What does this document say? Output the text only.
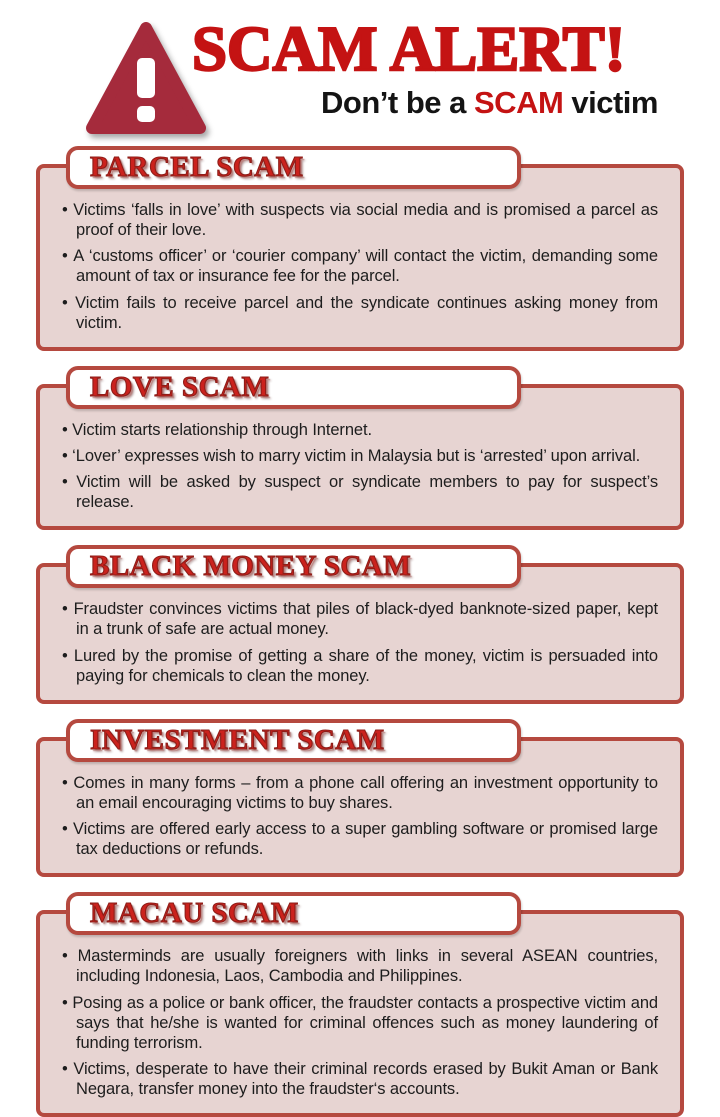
SCAM ALERT!
Don’t be a SCAM victim
PARCEL SCAM
• Victims ‘falls in love’ with suspects via social media and is promised a parcel as proof of their love.
• A ‘customs officer’ or ‘courier company’ will contact the victim, demanding some amount of tax or insurance fee for the parcel.
• Victim fails to receive parcel and the syndicate continues asking money from victim.
LOVE SCAM
• Victim starts relationship through Internet.
• ‘Lover’ expresses wish to marry victim in Malaysia but is ‘arrested’ upon arrival.
• Victim will be asked by suspect or syndicate members to pay for suspect’s release.
BLACK MONEY SCAM
• Fraudster convinces victims that piles of black-dyed banknote-sized paper, kept in a trunk of safe are actual money.
• Lured by the promise of getting a share of the money, victim is persuaded into paying for chemicals to clean the money.
INVESTMENT SCAM
• Comes in many forms – from a phone call offering an investment opportunity to an email encouraging victims to buy shares.
• Victims are offered early access to a super gambling software or promised large tax deductions or refunds.
MACAU SCAM
• Masterminds are usually foreigners with links in several ASEAN countries, including Indonesia, Laos, Cambodia and Philippines.
• Posing as a police or bank officer, the fraudster contacts a prospective victim and says that he/she is wanted for criminal offences such as money laundering of funding terrorism.
• Victims, desperate to have their criminal records erased by Bukit Aman or Bank Negara, transfer money into the fraudster‘s accounts.
